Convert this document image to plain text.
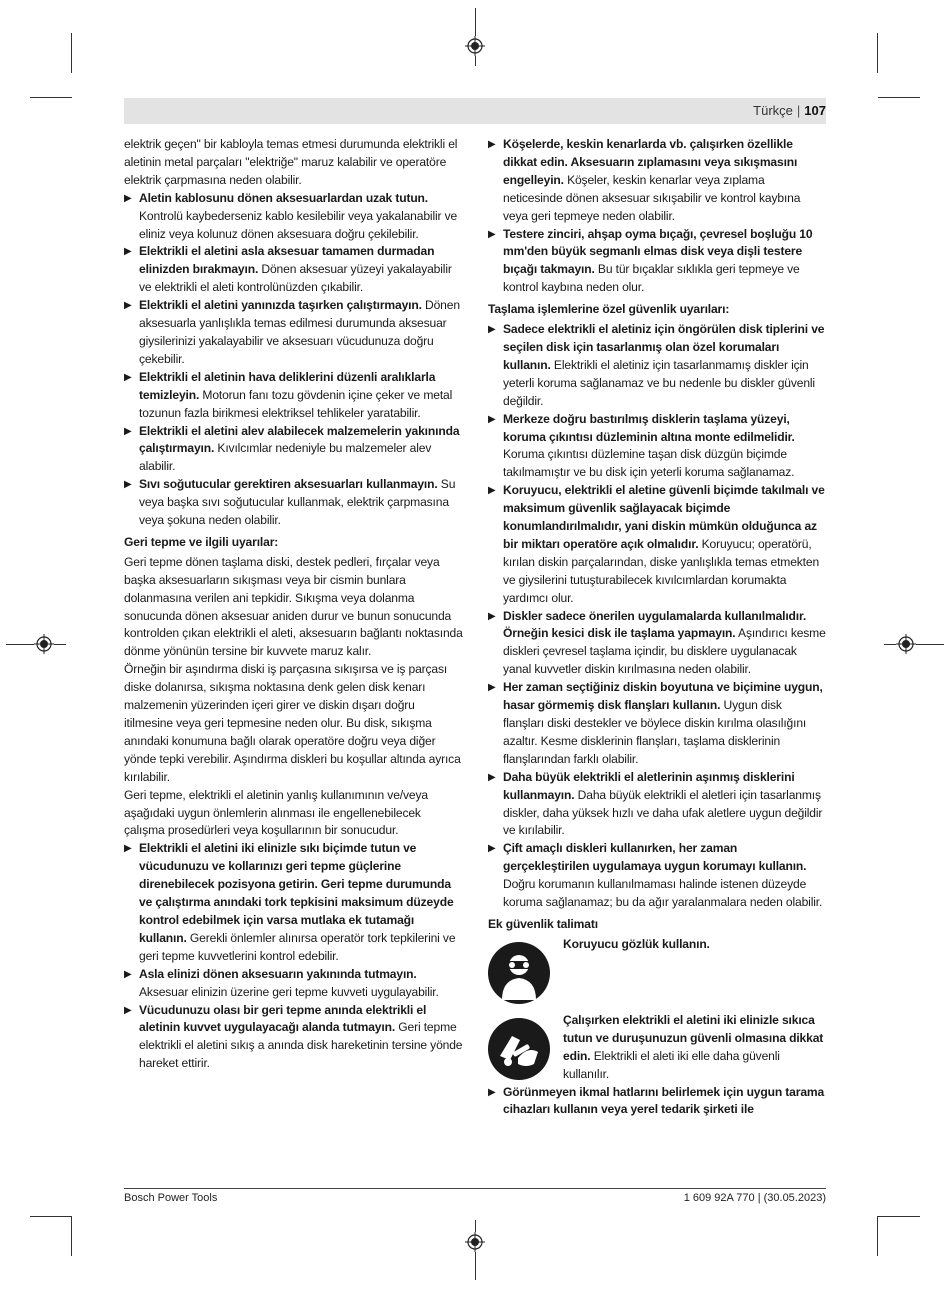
Türkçe | 107

elektrik geçen" bir kabloyla temas etmesi durumunda elektrikli el aletinin metal parçaları "elektriğe" maruz kalabilir ve operatöre elektrik çarpmasına neden olabilir.

▶ Aletin kablosunu dönen aksesuarlardan uzak tutun. Kontrolü kaybederseniz kablo kesilebilir veya yakalanabilir ve eliniz veya kolunuz dönen aksesuara doğru çekilebilir.
▶ Elektrikli el aletini asla aksesuar tamamen durmadan elinizden bırakmayın. Dönen aksesuar yüzeyi yakalayabilir ve elektrikli el aleti kontrolünüzden çıkabilir.
▶ Elektrikli el aletini yanınızda taşırken çalıştırmayın. Dönen aksesuarla yanlışlıkla temas edilmesi durumunda aksesuar giysilerinizi yakalayabilir ve aksesuarı vücudunuza doğru çekebilir.
▶ Elektrikli el aletinin hava deliklerini düzenli aralıklarla temizleyin. Motorun fanı tozu gövdenin içine çeker ve metal tozunun fazla birikmesi elektriksel tehlikeler yaratabilir.
▶ Elektrikli el aletini alev alabilecek malzemelerin yakınında çalıştırmayın. Kıvılcımlar nedeniyle bu malzemeler alev alabilir.
▶ Sıvı soğutucular gerektiren aksesuarları kullanmayın. Su veya başka sıvı soğutucular kullanmak, elektrik çarpmasına veya şokuna neden olabilir.
Geri tepme ve ilgili uyarılar:

Geri tepme dönen taşlama diski, destek pedleri, fırçalar veya başka aksesuarların sıkışması veya bir cismin bunlara dolanmasına verilen ani tepkidir. Sıkışma veya dolanma sonucunda dönen aksesuar aniden durur ve bunun sonucunda kontrolden çıkan elektrikli el aleti, aksesuarın bağlantı noktasında dönme yönünün tersine bir kuvvete maruz kalır.

Örneğin bir aşındırma diski iş parçasına sıkışırsa ve iş parçası diske dolanırsa, sıkışma noktasına denk gelen disk kenarı malzemenin yüzerinden içeri girer ve diskin dışarı doğru itilmesine veya geri tepmesine neden olur. Bu disk, sıkışma anındaki konumuna bağlı olarak operatöre doğru veya diğer yönde tepki verebilir. Aşındırma diskleri bu koşullar altında ayrıca kırılabilir.

Geri tepme, elektrikli el aletinin yanlış kullanımının ve/veya aşağıdaki uygun önlemlerin alınması ile engellenebilecek çalışma prosedürleri veya koşullarının bir sonucudur.

▶ Elektrikli el aletini iki elinizle sıkı biçimde tutun ve vücudunuzu ve kollarınızı geri tepme güçlerine direnebilecek pozisyona getirin. Geri tepme durumunda ve çalıştırma anındaki tork tepkisini maksimum düzeyde kontrol edebilmek için varsa mutlaka ek tutamağı kullanın. Gerekli önlemler alınırsa operatör tork tepkilerini ve geri tepme kuvvetlerini kontrol edebilir.
▶ Asla elinizi dönen aksesuarın yakınında tutmayın. Aksesuar elinizin üzerine geri tepme kuvveti uygulayabilir.
▶ Vücudunuzu olası bir geri tepme anında elektrikli el aletinin kuvvet uygulayacağı alanda tutmayın. Geri tepme elektrikli el aletini sıkış a anında disk hareketinin tersine yönde hareket ettirir.
▶ Köşelerde, keskin kenarlarda vb. çalışırken özellikle dikkat edin. Aksesuarın zıplamasını veya sıkışmasını engelleyin. Köşeler, keskin kenarlar veya zıplama neticesinde dönen aksesuar sıkışabilir ve kontrol kaybına veya geri tepmeye neden olabilir.
▶ Testere zinciri, ahşap oyma bıçağı, çevresel boşluğu 10 mm'den büyük segmanlı elmas disk veya dişli testere bıçağı takmayın. Bu tür bıçaklar sıklıkla geri tepmeye ve kontrol kaybına neden olur.
Taşlama işlemlerine özel güvenlik uyarıları:
▶ Sadece elektrikli el aletiniz için öngörülen disk tiplerini ve seçilen disk için tasarlanmış olan özel korumaları kullanın. Elektrikli el aletiniz için tasarlanmamış diskler için yeterli koruma sağlanamaz ve bu nedenle bu diskler güvenli değildir.
▶ Merkeze doğru bastırılmış disklerin taşlama yüzeyi, koruma çıkıntısı düzleminin altına monte edilmelidir. Koruma çıkıntısı düzlemine taşan disk düzgün biçimde takılmamıştır ve bu disk için yeterli koruma sağlanamaz.
▶ Koruyucu, elektrikli el aletine güvenli biçimde takılmalı ve maksimum güvenlik sağlayacak biçimde konumlandırılmalıdır, yani diskin mümkün olduğunca az bir miktarı operatöre açık olmalıdır. Koruyucu; operatörü, kırılan diskin parçalarından, diske yanlışlıkla temas etmekten ve giysilerini tutuşturabilecek kıvılcımlardan korumakta yardımcı olur.
▶ Diskler sadece önerilen uygulamalarda kullanılmalıdır. Örneğin kesici disk ile taşlama yapmayın. Aşındırıcı kesme diskleri çevresel taşlama içindir, bu disklere uygulanacak yanal kuvvetler diskin kırılmasına neden olabilir.
▶ Her zaman seçtiğiniz diskin boyutuna ve biçimine uygun, hasar görmemiş disk flanşları kullanın. Uygun disk flanşları diski destekler ve böylece diskin kırılma olasılığını azaltır. Kesme disklerinin flanşları, taşlama disklerinin flanşlarından farklı olabilir.
▶ Daha büyük elektrikli el aletlerinin aşınmış disklerini kullanmayın. Daha büyük elektrikli el aletleri için tasarlanmış diskler, daha yüksek hızlı ve daha ufak aletlere uygun değildir ve kırılabilir.
▶ Çift amaçlı diskleri kullanırken, her zaman gerçekleştirilen uygulamaya uygun korumayı kullanın. Doğru korumanın kullanılmaması halinde istenen düzeyde koruma sağlanamaz; bu da ağır yaralanmalara neden olabilir.
Ek güvenlik talimatı
Koruyucu gözlük kullanın.
Çalışırken elektrikli el aletini iki elinizle sıkıca tutun ve duruşunuzun güvenli olmasına dikkat edin. Elektrikli el aleti iki elle daha güvenli kullanılır.
▶ Görünmeyen ikmal hatlarını belirlemek için uygun tarama cihazları kullanın veya yerel tedarik şirketi ile
Bosch Power Tools	1 609 92A 770 | (30.05.2023)
